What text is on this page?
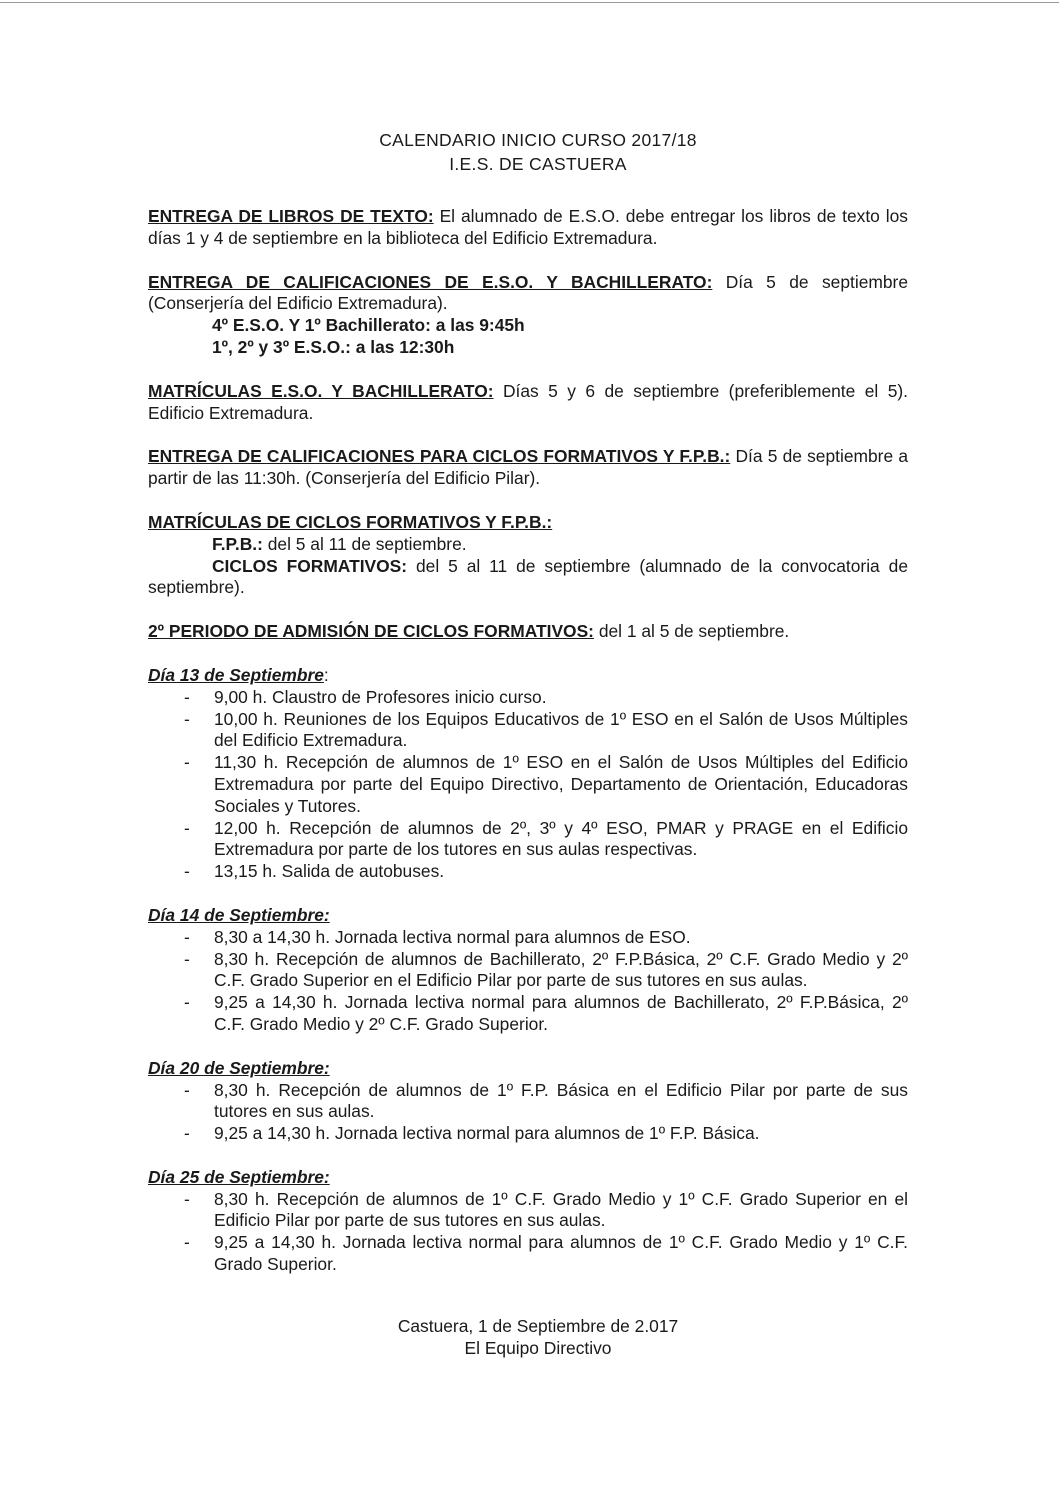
CALENDARIO INICIO CURSO 2017/18
I.E.S. DE CASTUERA

ENTREGA DE LIBROS DE TEXTO: El alumnado de E.S.O. debe entregar los libros de texto los días 1 y 4 de septiembre en la biblioteca del Edificio Extremadura.

ENTREGA DE CALIFICACIONES DE E.S.O. Y BACHILLERATO: Día 5 de septiembre (Conserjería del Edificio Extremadura).

4º E.S.O. Y 1º Bachillerato: a las 9:45h
1º, 2º y 3º E.S.O.: a las 12:30h

MATRÍCULAS E.S.O. Y BACHILLERATO: Días 5 y 6 de septiembre (preferiblemente el 5). Edificio Extremadura.

ENTREGA DE CALIFICACIONES PARA CICLOS FORMATIVOS Y F.P.B.: Día 5 de septiembre a partir de las 11:30h. (Conserjería del Edificio Pilar).

MATRÍCULAS DE CICLOS FORMATIVOS Y F.P.B.:
F.P.B.: del 5 al 11 de septiembre.

CICLOS FORMATIVOS: del 5 al 11 de septiembre (alumnado de la convocatoria de septiembre).

2º PERIODO DE ADMISIÓN DE CICLOS FORMATIVOS: del 1 al 5 de septiembre.

Día 13 de Septiembre:
- 9,00 h. Claustro de Profesores inicio curso.
- 10,00 h. Reuniones de los Equipos Educativos de 1º ESO en el Salón de Usos Múltiples del Edificio Extremadura.
- 11,30 h. Recepción de alumnos de 1º ESO en el Salón de Usos Múltiples del Edificio Extremadura por parte del Equipo Directivo, Departamento de Orientación, Educadoras Sociales y Tutores.
- 12,00 h. Recepción de alumnos de 2º, 3º y 4º ESO, PMAR y PRAGE en el Edificio Extremadura por parte de los tutores en sus aulas respectivas.
- 13,15 h. Salida de autobuses.
Día 14 de Septiembre:
- 8,30 a 14,30 h. Jornada lectiva normal para alumnos de ESO.
- 8,30 h. Recepción de alumnos de Bachillerato, 2º F.P.Básica, 2º C.F. Grado Medio y 2º C.F. Grado Superior en el Edificio Pilar por parte de sus tutores en sus aulas.
- 9,25 a 14,30 h. Jornada lectiva normal para alumnos de Bachillerato, 2º F.P.Básica, 2º C.F. Grado Medio y 2º C.F. Grado Superior.
Día 20 de Septiembre:
- 8,30 h. Recepción de alumnos de 1º F.P. Básica en el Edificio Pilar por parte de sus tutores en sus aulas.
- 9,25 a 14,30 h. Jornada lectiva normal para alumnos de 1º F.P. Básica.
Día 25 de Septiembre:
- 8,30 h. Recepción de alumnos de 1º C.F. Grado Medio y 1º C.F. Grado Superior en el Edificio Pilar por parte de sus tutores en sus aulas.
- 9,25 a 14,30 h. Jornada lectiva normal para alumnos de 1º C.F. Grado Medio y 1º C.F. Grado Superior.
Castuera, 1 de Septiembre de 2.017
El Equipo Directivo
